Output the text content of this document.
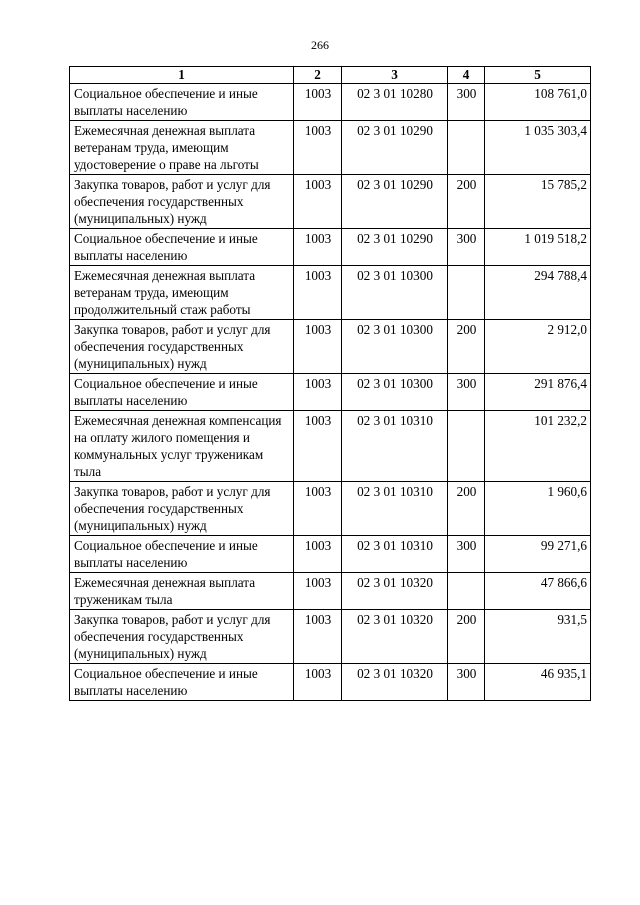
266
1	2	3	4	5
Социальное обеспечение и иные выплаты населению	1003	02 3 01 10280	300	108 761,0
Ежемесячная денежная выплата ветеранам труда, имеющим удостоверение о праве на льготы	1003	02 3 01 10290		1 035 303,4
Закупка товаров, работ и услуг для обеспечения государственных (муниципальных) нужд	1003	02 3 01 10290	200	15 785,2
Социальное обеспечение и иные выплаты населению	1003	02 3 01 10290	300	1 019 518,2
Ежемесячная денежная выплата ветеранам труда, имеющим продолжительный стаж работы	1003	02 3 01 10300		294 788,4
Закупка товаров, работ и услуг для обеспечения государственных (муниципальных) нужд	1003	02 3 01 10300	200	2 912,0
Социальное обеспечение и иные выплаты населению	1003	02 3 01 10300	300	291 876,4
Ежемесячная денежная компенсация на оплату жилого помещения и коммунальных услуг труженикам тыла	1003	02 3 01 10310		101 232,2
Закупка товаров, работ и услуг для обеспечения государственных (муниципальных) нужд	1003	02 3 01 10310	200	1 960,6
Социальное обеспечение и иные выплаты населению	1003	02 3 01 10310	300	99 271,6
Ежемесячная денежная выплата труженикам тыла	1003	02 3 01 10320		47 866,6
Закупка товаров, работ и услуг для обеспечения государственных (муниципальных) нужд	1003	02 3 01 10320	200	931,5
Социальное обеспечение и иные выплаты населению	1003	02 3 01 10320	300	46 935,1
